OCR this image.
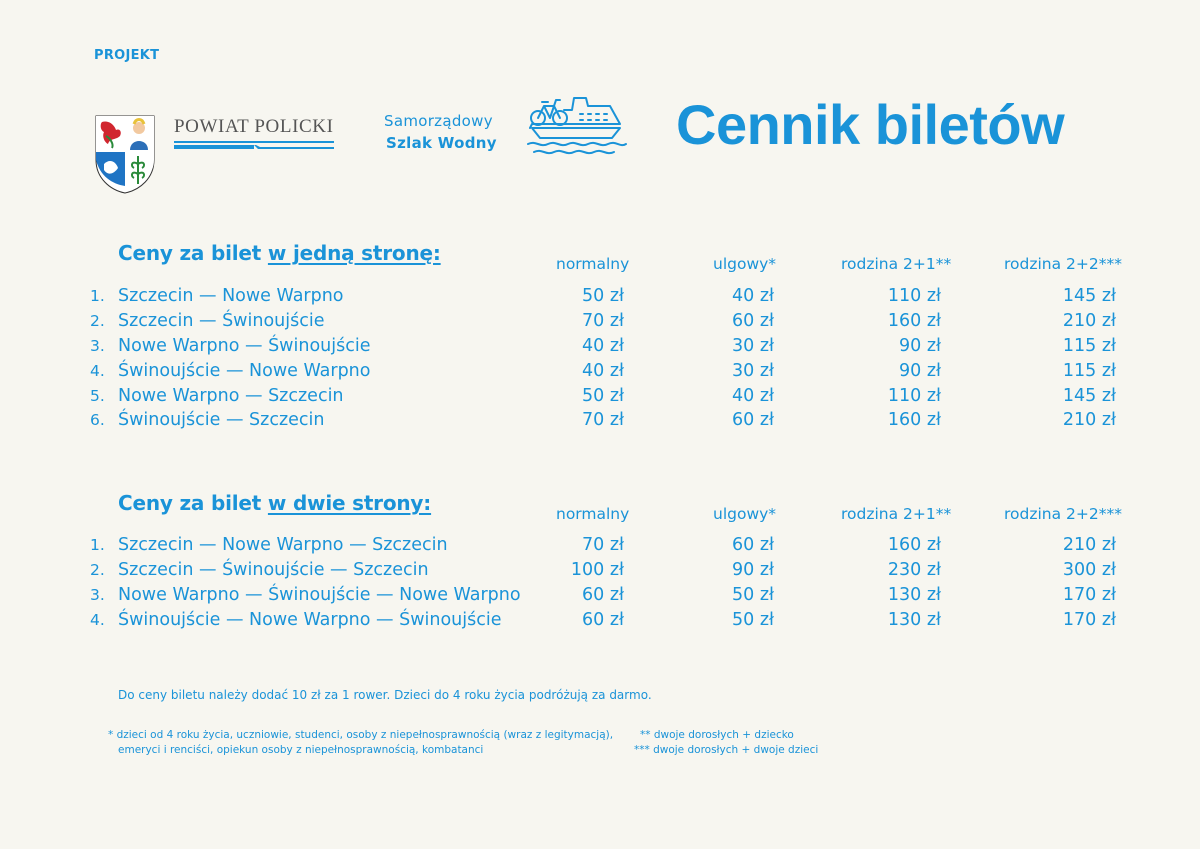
PROJEKT
POWIAT POLICKI	Samorządowy
Szlak Wodny	Cennik biletów
Ceny za bilet w jedną stronę:	normalny	ulgowy*	rodzina 2+1**	rodzina 2+2***
1.	Szczecin — Nowe Warpno	50 zł	40 zł	110 zł	145 zł
2.	Szczecin — Świnoujście	70 zł	60 zł	160 zł	210 zł
3.	Nowe Warpno — Świnoujście	40 zł	30 zł	90 zł	115 zł
4.	Świnoujście — Nowe Warpno	40 zł	30 zł	90 zł	115 zł
5.	Nowe Warpno — Szczecin	50 zł	40 zł	110 zł	145 zł
6.	Świnoujście — Szczecin	70 zł	60 zł	160 zł	210 zł
Ceny za bilet w dwie strony:	normalny	ulgowy*	rodzina 2+1**	rodzina 2+2***
1.	Szczecin — Nowe Warpno — Szczecin	70 zł	60 zł	160 zł	210 zł
2.	Szczecin — Świnoujście — Szczecin	100 zł	90 zł	230 zł	300 zł
3.	Nowe Warpno — Świnoujście — Nowe Warpno	60 zł	50 zł	130 zł	170 zł
4.	Świnoujście — Nowe Warpno — Świnoujście	60 zł	50 zł	130 zł	170 zł
Do ceny biletu należy dodać 10 zł za 1 rower. Dzieci do 4 roku życia podróżują za darmo.
* dzieci od 4 roku życia, uczniowie, studenci, osoby z niepełnosprawnością (wraz z legitymacją),
emeryci i renciści, opiekun osoby z niepełnosprawnością, kombatanci
** dwoje dorosłych + dziecko
*** dwoje dorosłych + dwoje dzieci
